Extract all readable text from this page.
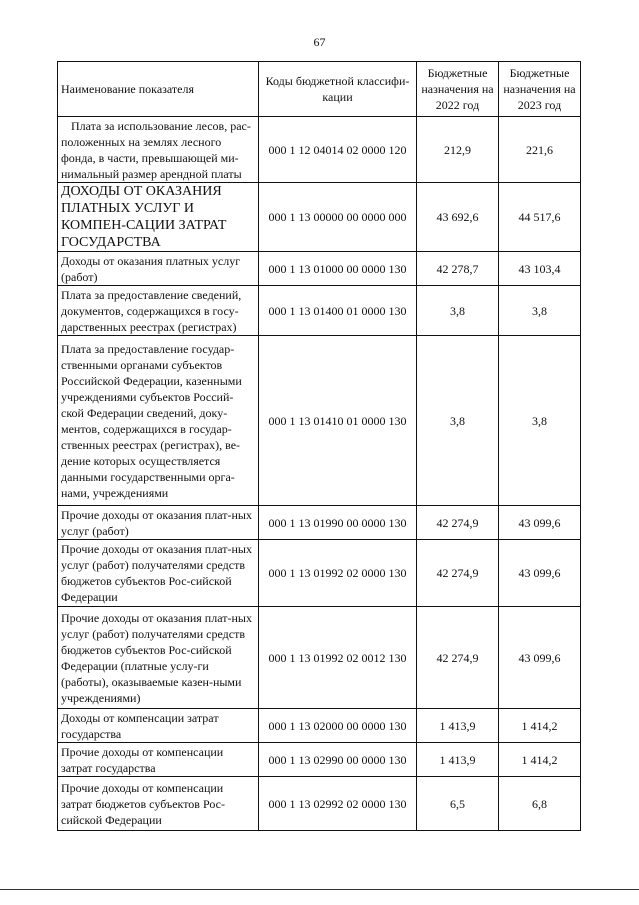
67
Наименование показателя	Коды бюджетной классифи-кации	Бюджетные назначения на 2022 год	Бюджетные назначения на 2023 год
Плата за использование лесов, рас-положенных на землях лесного фонда, в части, превышающей ми-нимальный размер арендной платы	000 1 12 04014 02 0000 120	212,9	221,6
ДОХОДЫ ОТ ОКАЗАНИЯ ПЛАТНЫХ УСЛУГ И КОМПЕН-САЦИИ ЗАТРАТ ГОСУДАРСТВА	000 1 13 00000 00 0000 000	43 692,6	44 517,6
Доходы от оказания платных услуг (работ)	000 1 13 01000 00 0000 130	42 278,7	43 103,4
Плата за предоставление сведений, документов, содержащихся в госу-дарственных реестрах (регистрах)	000 1 13 01400 01 0000 130	3,8	3,8
Плата за предоставление государ-ственными органами субъектов Российской Федерации, казенными учреждениями субъектов Россий-ской Федерации сведений, доку-ментов, содержащихся в государ-ственных реестрах (регистрах), ве-дение которых осуществляется данными государственными орга-нами, учреждениями	000 1 13 01410 01 0000 130	3,8	3,8
Прочие доходы от оказания плат-ных услуг (работ)	000 1 13 01990 00 0000 130	42 274,9	43 099,6
Прочие доходы от оказания плат-ных услуг (работ) получателями средств бюджетов субъектов Рос-сийской Федерации	000 1 13 01992 02 0000 130	42 274,9	43 099,6
Прочие доходы от оказания плат-ных услуг (работ) получателями средств бюджетов субъектов Рос-сийской Федерации (платные услу-ги (работы), оказываемые казен-ными учреждениями)	000 1 13 01992 02 0012 130	42 274,9	43 099,6
Доходы от компенсации затрат государства	000 1 13 02000 00 0000 130	1 413,9	1 414,2
Прочие доходы от компенсации затрат государства	000 1 13 02990 00 0000 130	1 413,9	1 414,2
Прочие доходы от компенсации затрат бюджетов субъектов Рос-сийской Федерации	000 1 13 02992 02 0000 130	6,5	6,8
